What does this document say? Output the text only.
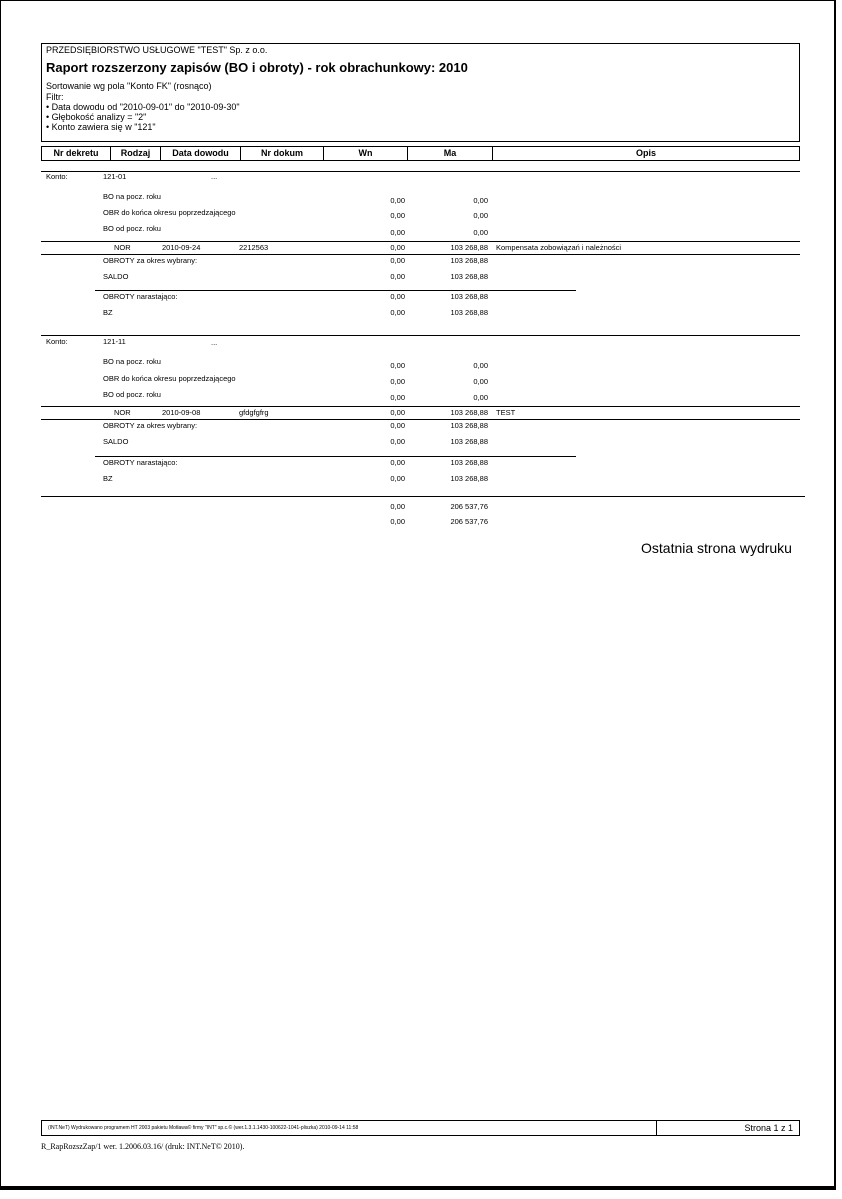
PRZEDSIĘBIORSTWO USŁUGOWE "TEST" Sp. z o.o.
Raport rozszerzony zapisów (BO i obroty) - rok obrachunkowy: 2010
Sortowanie wg pola "Konto FK" (rosnąco)
Filtr:
• Data dowodu od "2010-09-01" do "2010-09-30"
• Głębokość analizy = "2"
• Konto zawiera się w "121"
Nr dekretu	Rodzaj	Data dowodu	Nr dokum	Wn	Ma	Opis
Konto:	121-01	...
BO na pocz. roku	0,00	0,00
OBR do końca okresu poprzedzającego	0,00	0,00
BO od pocz. roku	0,00	0,00
NOR	2010-09-24	2212563	0,00	103 268,88 Kompensata zobowiązań i należności
OBROTY za okres wybrany:	0,00	103 268,88
SALDO	0,00	103 268,88
OBROTY narastająco:	0,00	103 268,88
BZ	0,00	103 268,88
Konto:	121-11	...
BO na pocz. roku	0,00	0,00
OBR do końca okresu poprzedzającego	0,00	0,00
BO od pocz. roku	0,00	0,00
NOR	2010-09-08	gfdgfgfrg	0,00	103 268,88 TEST
OBROTY za okres wybrany:	0,00	103 268,88
SALDO	0,00	103 268,88
OBROTY narastająco:	0,00	103 268,88
BZ	0,00	103 268,88
0,00	206 537,76
0,00	206 537,76
Ostatnia strona wydruku
(INT.NeT) Wydrukowano programem HT 2003 pakietu Motława© firmy "INT" sp.c.© (wer.1.3.1.1430-100622-1041-pliszka) 2010-09-14 11:58	Strona 1 z 1
R_RapRozszZap/1 wer. 1.2006.03.16/ (druk: INT.NeT© 2010).
